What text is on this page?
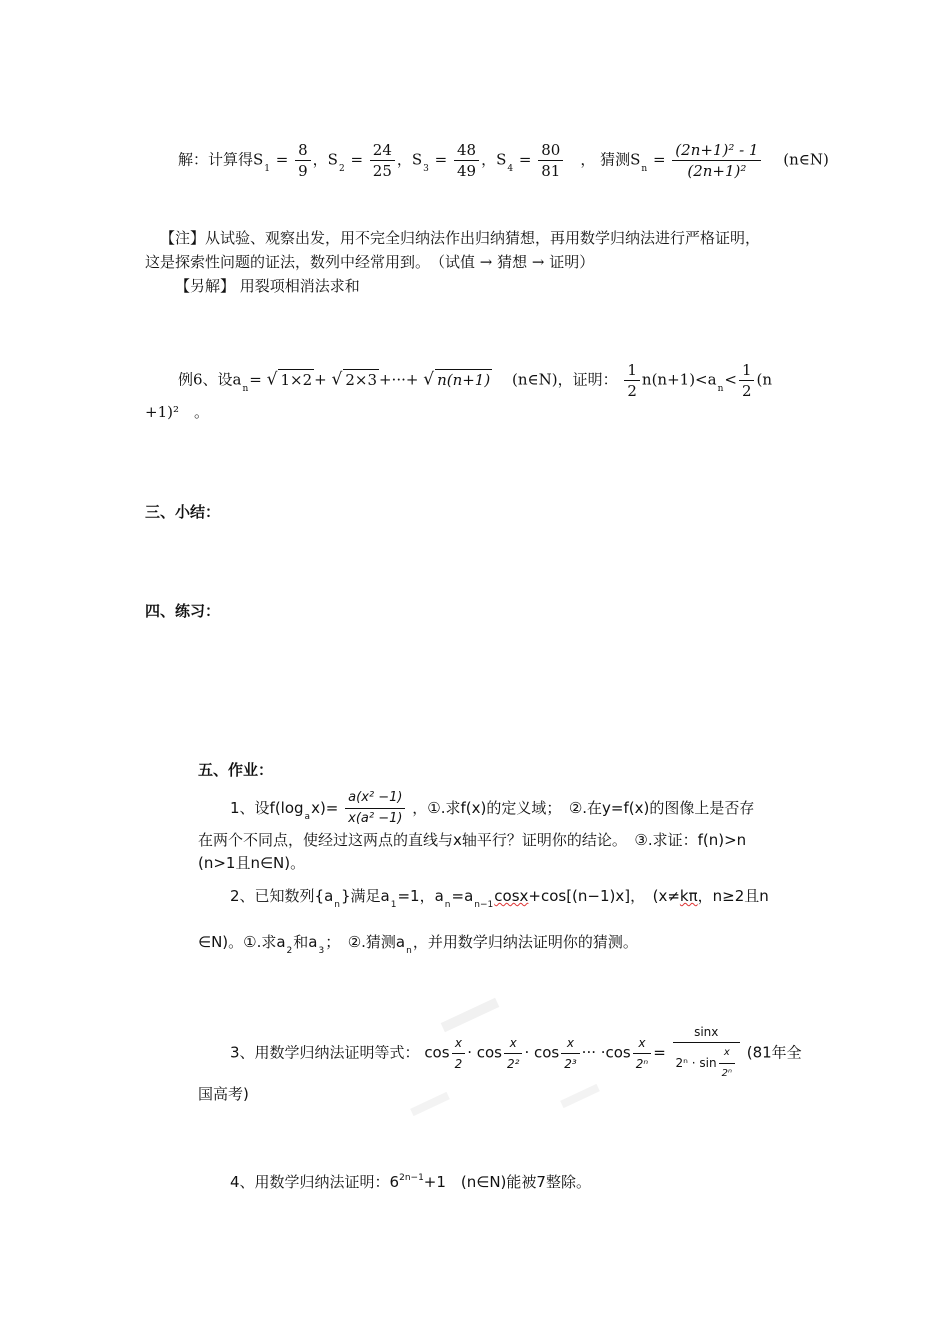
解：计算得$S_1 = \frac{8}{9}$ ，$S_2 = \frac{24}{25}$ ，$S_3 = \frac{48}{49}$ ，$S_4 = \frac{80}{81}$ 　， 猜测$S_n = \frac{\text{(2n+1)² - 1}}{\text{(2n+1)²}}$
　 (n∈N)
【注】从试验、观察出发，用不完全归纳法作出归纳猜想，再用数学归纳法进行严格证明，
这是探索性问题的证法，数列中经常用到。　（试值 → 猜想 → 证明）
【另解】 用裂项相消法求和
例6、设$a_n=$ √ 1×2 + √ 2×3 +···+ √ n(n+1) 　 (n∈N)，证明： $\frac{1}{2} n(n+1)<a_n< \frac{1}{2} (n$
+1)²　。
三、小结：
四、练习：
五、作业：
1、设$f(\log_ax)= \frac{\text{a(x² −1)}}{\text{x(a² −1)}}$ ，①.求f(x)的定义域；　②.在y=f(x)的图像上是否存
在两个不同点，使经过这两点的直线与x轴平行？证明你的结论。　③.求证：f(n)>n
(n>1且n∈N)。
2、已知数列$\{a_n\}$满足$a_1=1$，$a_n=a_{n-1}\cos x+\cos[(n-1)x]$，　(x≠kπ，n≥2且n
∈N)。①.求$a_2$和$a_3$；　②.猜测$a_n$，并用数学归纳法证明你的猜测。
3、用数学归纳法证明等式： $\cos \frac{x}{2} \cdot \cos \frac{x}{\text{2²}} \cdot \cos \frac{x}{\text{2³}}$ ··· $\cdot\cos \frac{x}{\text{2ⁿ}} = \frac{\sin x}{2^n \cdot \sin \frac{x}{\text{2ⁿ}}} (81$年全
国高考)
4、用数学归纳法证明：$6^{2n-1}+1$　(n∈N)能被7整除。
